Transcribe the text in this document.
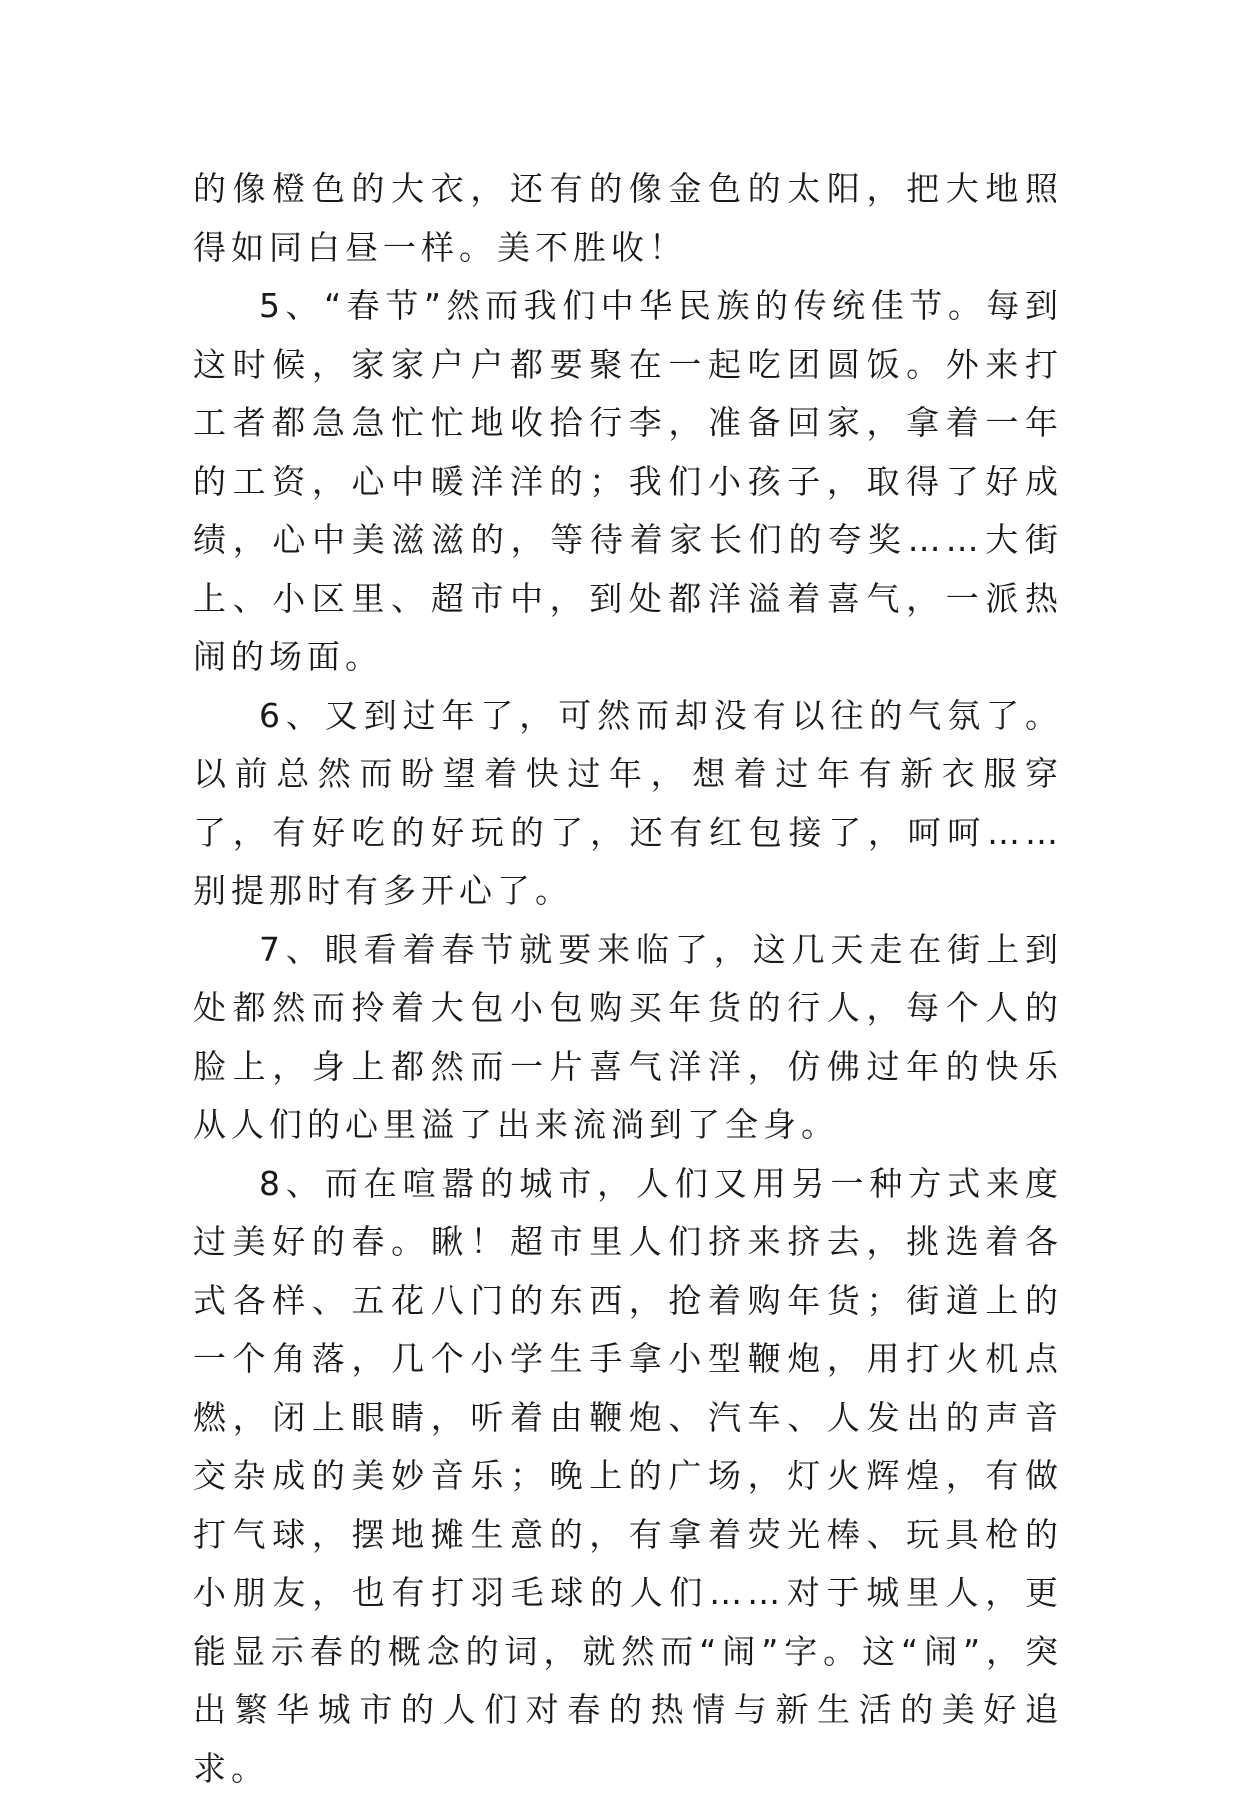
的像橙色的大衣，还有的像金色的太阳，把大地照得如同白昼一样。美不胜收！

5、“春节”然而我们中华民族的传统佳节。每到这时候，家家户户都要聚在一起吃团圆饭。外来打工者都急急忙忙地收拾行李，准备回家，拿着一年的工资，心中暖洋洋的；我们小孩子，取得了好成绩，心中美滋滋的，等待着家长们的夸奖……大街上、小区里、超市中，到处都洋溢着喜气，一派热闹的场面。

6、又到过年了，可然而却没有以往的气氛了。以前总然而盼望着快过年，想着过年有新衣服穿了，有好吃的好玩的了，还有红包接了，呵呵……别提那时有多开心了。

7、眼看着春节就要来临了，这几天走在街上到处都然而拎着大包小包购买年货的行人，每个人的脸上，身上都然而一片喜气洋洋，仿佛过年的快乐从人们的心里溢了出来流淌到了全身。

8、而在喧嚣的城市，人们又用另一种方式来度过美好的春。瞅！超市里人们挤来挤去，挑选着各式各样、五花八门的东西，抢着购年货；街道上的一个角落，几个小学生手拿小型鞭炮，用打火机点燃，闭上眼睛，听着由鞭炮、汽车、人发出的声音交杂成的美妙音乐；晚上的广场，灯火辉煌，有做打气球，摆地摊生意的，有拿着荧光棒、玩具枪的小朋友，也有打羽毛球的人们……对于城里人，更能显示春的概念的词，就然而“闹”字。这“闹”，突出繁华城市的人们对春的热情与新生活的美好追求。
